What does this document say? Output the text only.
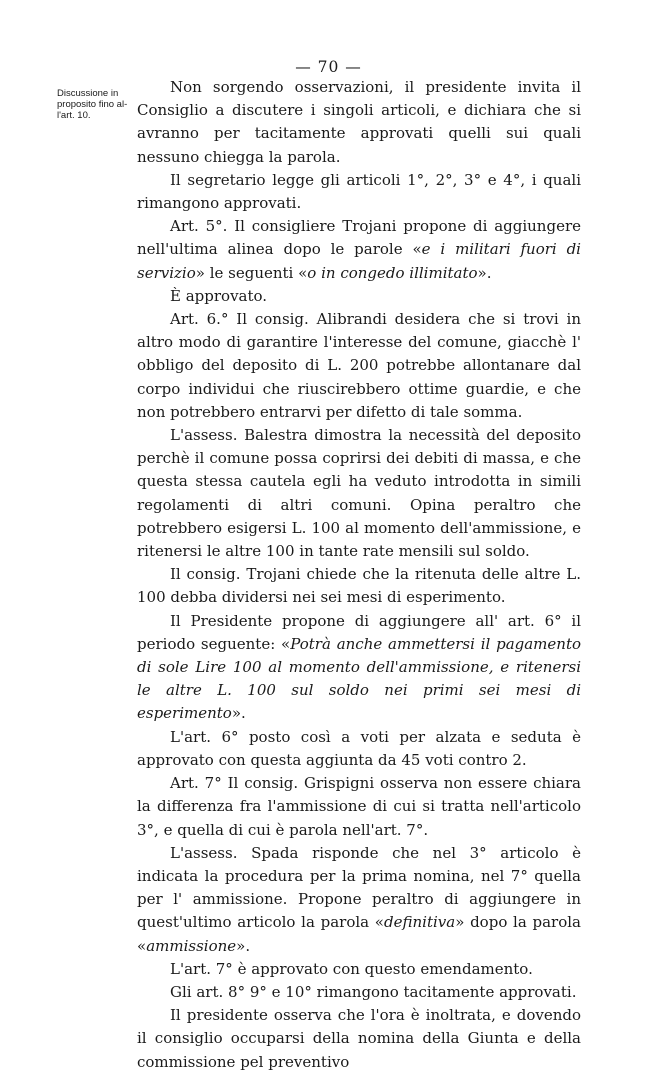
— 70 —
Discussione in
proposito fino al-
l'art. 10.

Non sorgendo osservazioni, il presidente invita il Consiglio a discutere i singoli articoli, e dichiara che si avranno per tacitamente approvati quelli sui quali nessuno chiegga la parola.

Il segretario legge gli articoli 1°, 2°, 3° e 4°, i quali rimangono approvati.

Art. 5°. Il consigliere Trojani propone di aggiungere nell'ultima alinea dopo le parole «e i militari fuori di servizio» le seguenti «o in congedo illimitato».

È approvato.

Art. 6.° Il consig. Alibrandi desidera che si trovi in altro modo di garantire l'interesse del comune, giacchè l' obbligo del deposito di L. 200 potrebbe allontanare dal corpo individui che riuscirebbero ottime guardie, e che non potrebbero entrarvi per difetto di tale somma.

L'assess. Balestra dimostra la necessità del deposito perchè il comune possa coprirsi dei debiti di massa, e che questa stessa cautela egli ha veduto introdotta in simili regolamenti di altri comuni. Opina peraltro che potrebbero esigersi L. 100 al momento dell'ammissione, e ritenersi le altre 100 in tante rate mensili sul soldo.

Il consig. Trojani chiede che la ritenuta delle altre L. 100 debba dividersi nei sei mesi di esperimento.

Il Presidente propone di aggiungere all' art. 6° il periodo seguente: «Potrà anche ammettersi il pagamento di sole Lire 100 al momento dell'ammissione, e ritenersi le altre L. 100 sul soldo nei primi sei mesi di esperimento».

L'art. 6° posto così a voti per alzata e seduta è approvato con questa aggiunta da 45 voti contro 2.

Art. 7° Il consig. Grispigni osserva non essere chiara la differenza fra l'ammissione di cui si tratta nell'articolo 3°, e quella di cui è parola nell'art. 7°.

L'assess. Spada risponde che nel 3° articolo è indicata la procedura per la prima nomina, nel 7° quella per l' ammissione. Propone peraltro di aggiungere in quest'ultimo articolo la parola «definitiva» dopo la parola «ammissione».

L'art. 7° è approvato con questo emendamento.

Gli art. 8° 9° e 10° rimangono tacitamente approvati.

Il presidente osserva che l'ora è inoltrata, e dovendo il consiglio occuparsi della nomina della Giunta e della commissione pel preventivo
